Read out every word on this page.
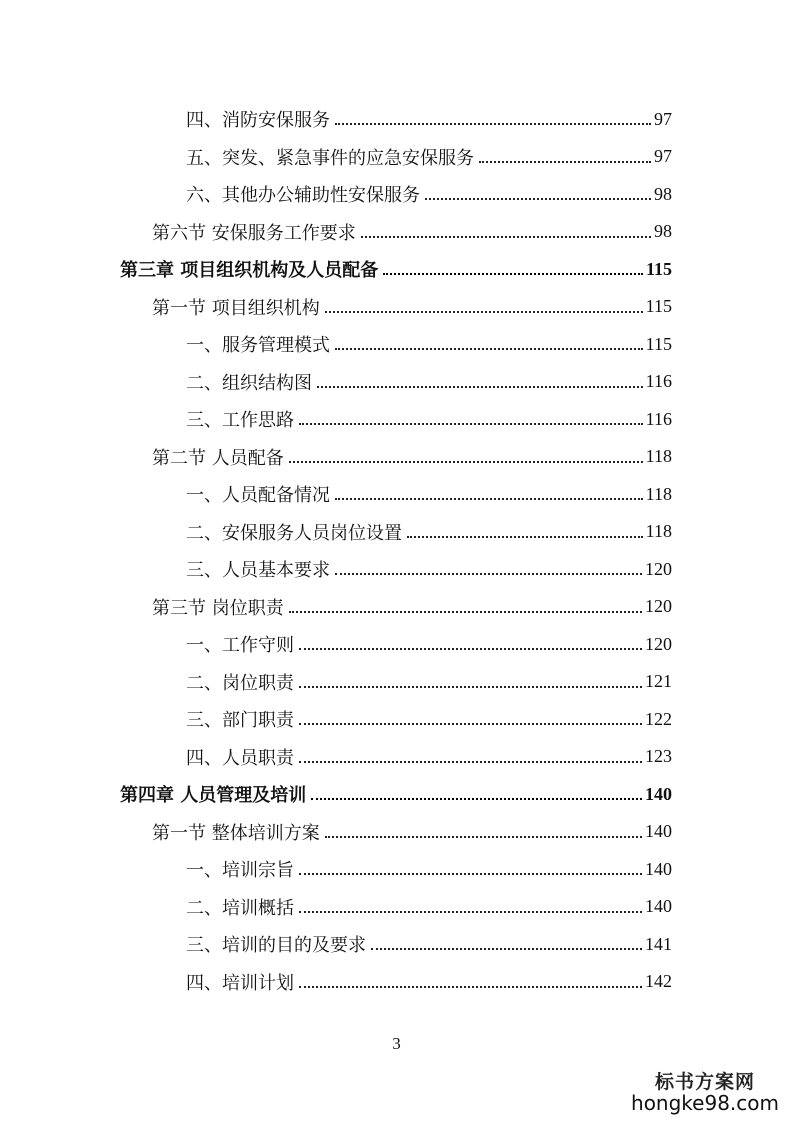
四、消防安保服务	97
五、突发、紧急事件的应急安保服务	97
六、其他办公辅助性安保服务	98
第六节 安保服务工作要求	98
第三章 项目组织机构及人员配备	115
第一节 项目组织机构	115
一、服务管理模式	115
二、组织结构图	116
三、工作思路	116
第二节 人员配备	118
一、人员配备情况	118
二、安保服务人员岗位设置	118
三、人员基本要求	120
第三节 岗位职责	120
一、工作守则	120
二、岗位职责	121
三、部门职责	122
四、人员职责	123
第四章 人员管理及培训	140
第一节 整体培训方案	140
一、培训宗旨	140
二、培训概括	140
三、培训的目的及要求	141
四、培训计划	142
3
标书方案网
hongke98.com
